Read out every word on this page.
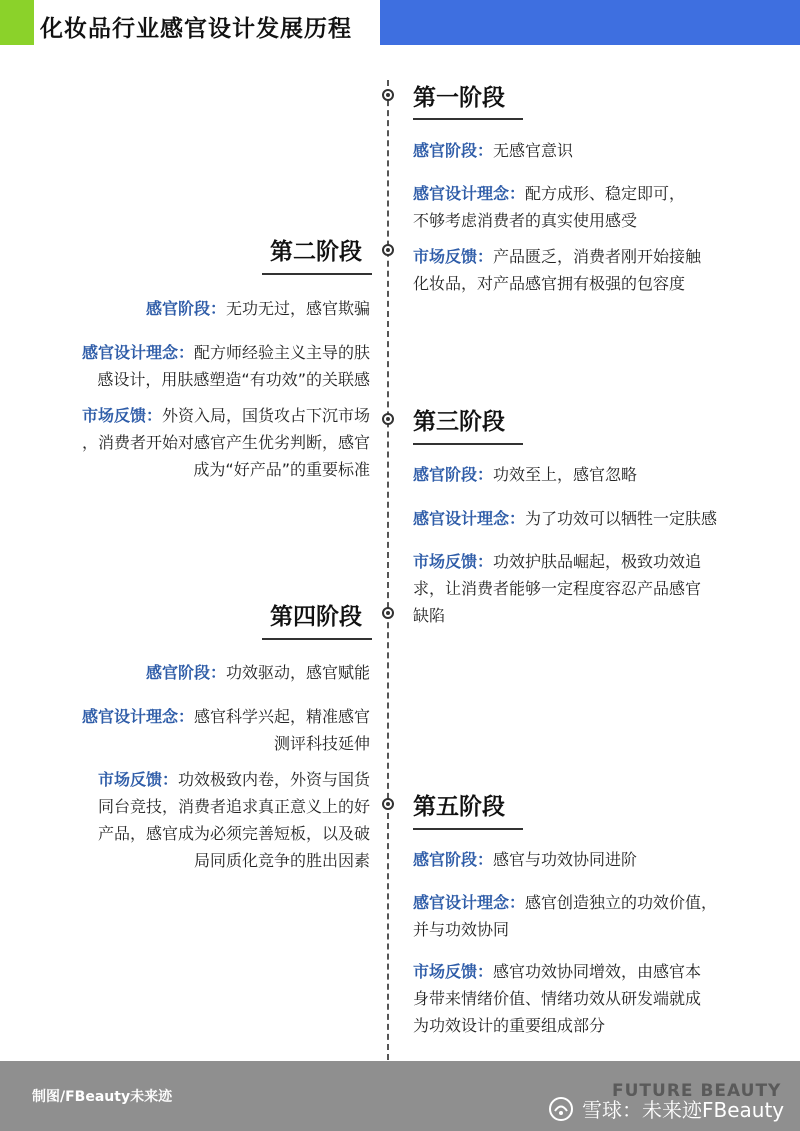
化妆品行业感官设计发展历程
第一阶段
感官阶段：无感官意识
感官设计理念：配方成形、稳定即可，
不够考虑消费者的真实使用感受
市场反馈：产品匮乏，消费者刚开始接触
化妆品，对产品感官拥有极强的包容度
第二阶段
感官阶段：无功无过，感官欺骗
感官设计理念：配方师经验主义主导的肤
感设计，用肤感塑造“有功效”的关联感
市场反馈：外资入局，国货攻占下沉市场
，消费者开始对感官产生优劣判断，感官
成为“好产品”的重要标准
第三阶段
感官阶段：功效至上，感官忽略
感官设计理念：为了功效可以牺牲一定肤感
市场反馈：功效护肤品崛起，极致功效追
求，让消费者能够一定程度容忍产品感官
缺陷
第四阶段
感官阶段：功效驱动，感官赋能
感官设计理念：感官科学兴起，精准感官
测评科技延伸
市场反馈：功效极致内卷，外资与国货
同台竞技，消费者追求真正意义上的好
产品，感官成为必须完善短板，以及破
局同质化竞争的胜出因素
第五阶段
感官阶段：感官与功效协同进阶
感官设计理念：感官创造独立的功效价值，
并与功效协同
市场反馈：感官功效协同增效，由感官本
身带来情绪价值、情绪功效从研发端就成
为功效设计的重要组成部分
制图/FBeauty未来迹	FUTURE BEAUTY
雪球：未来迹FBeauty
